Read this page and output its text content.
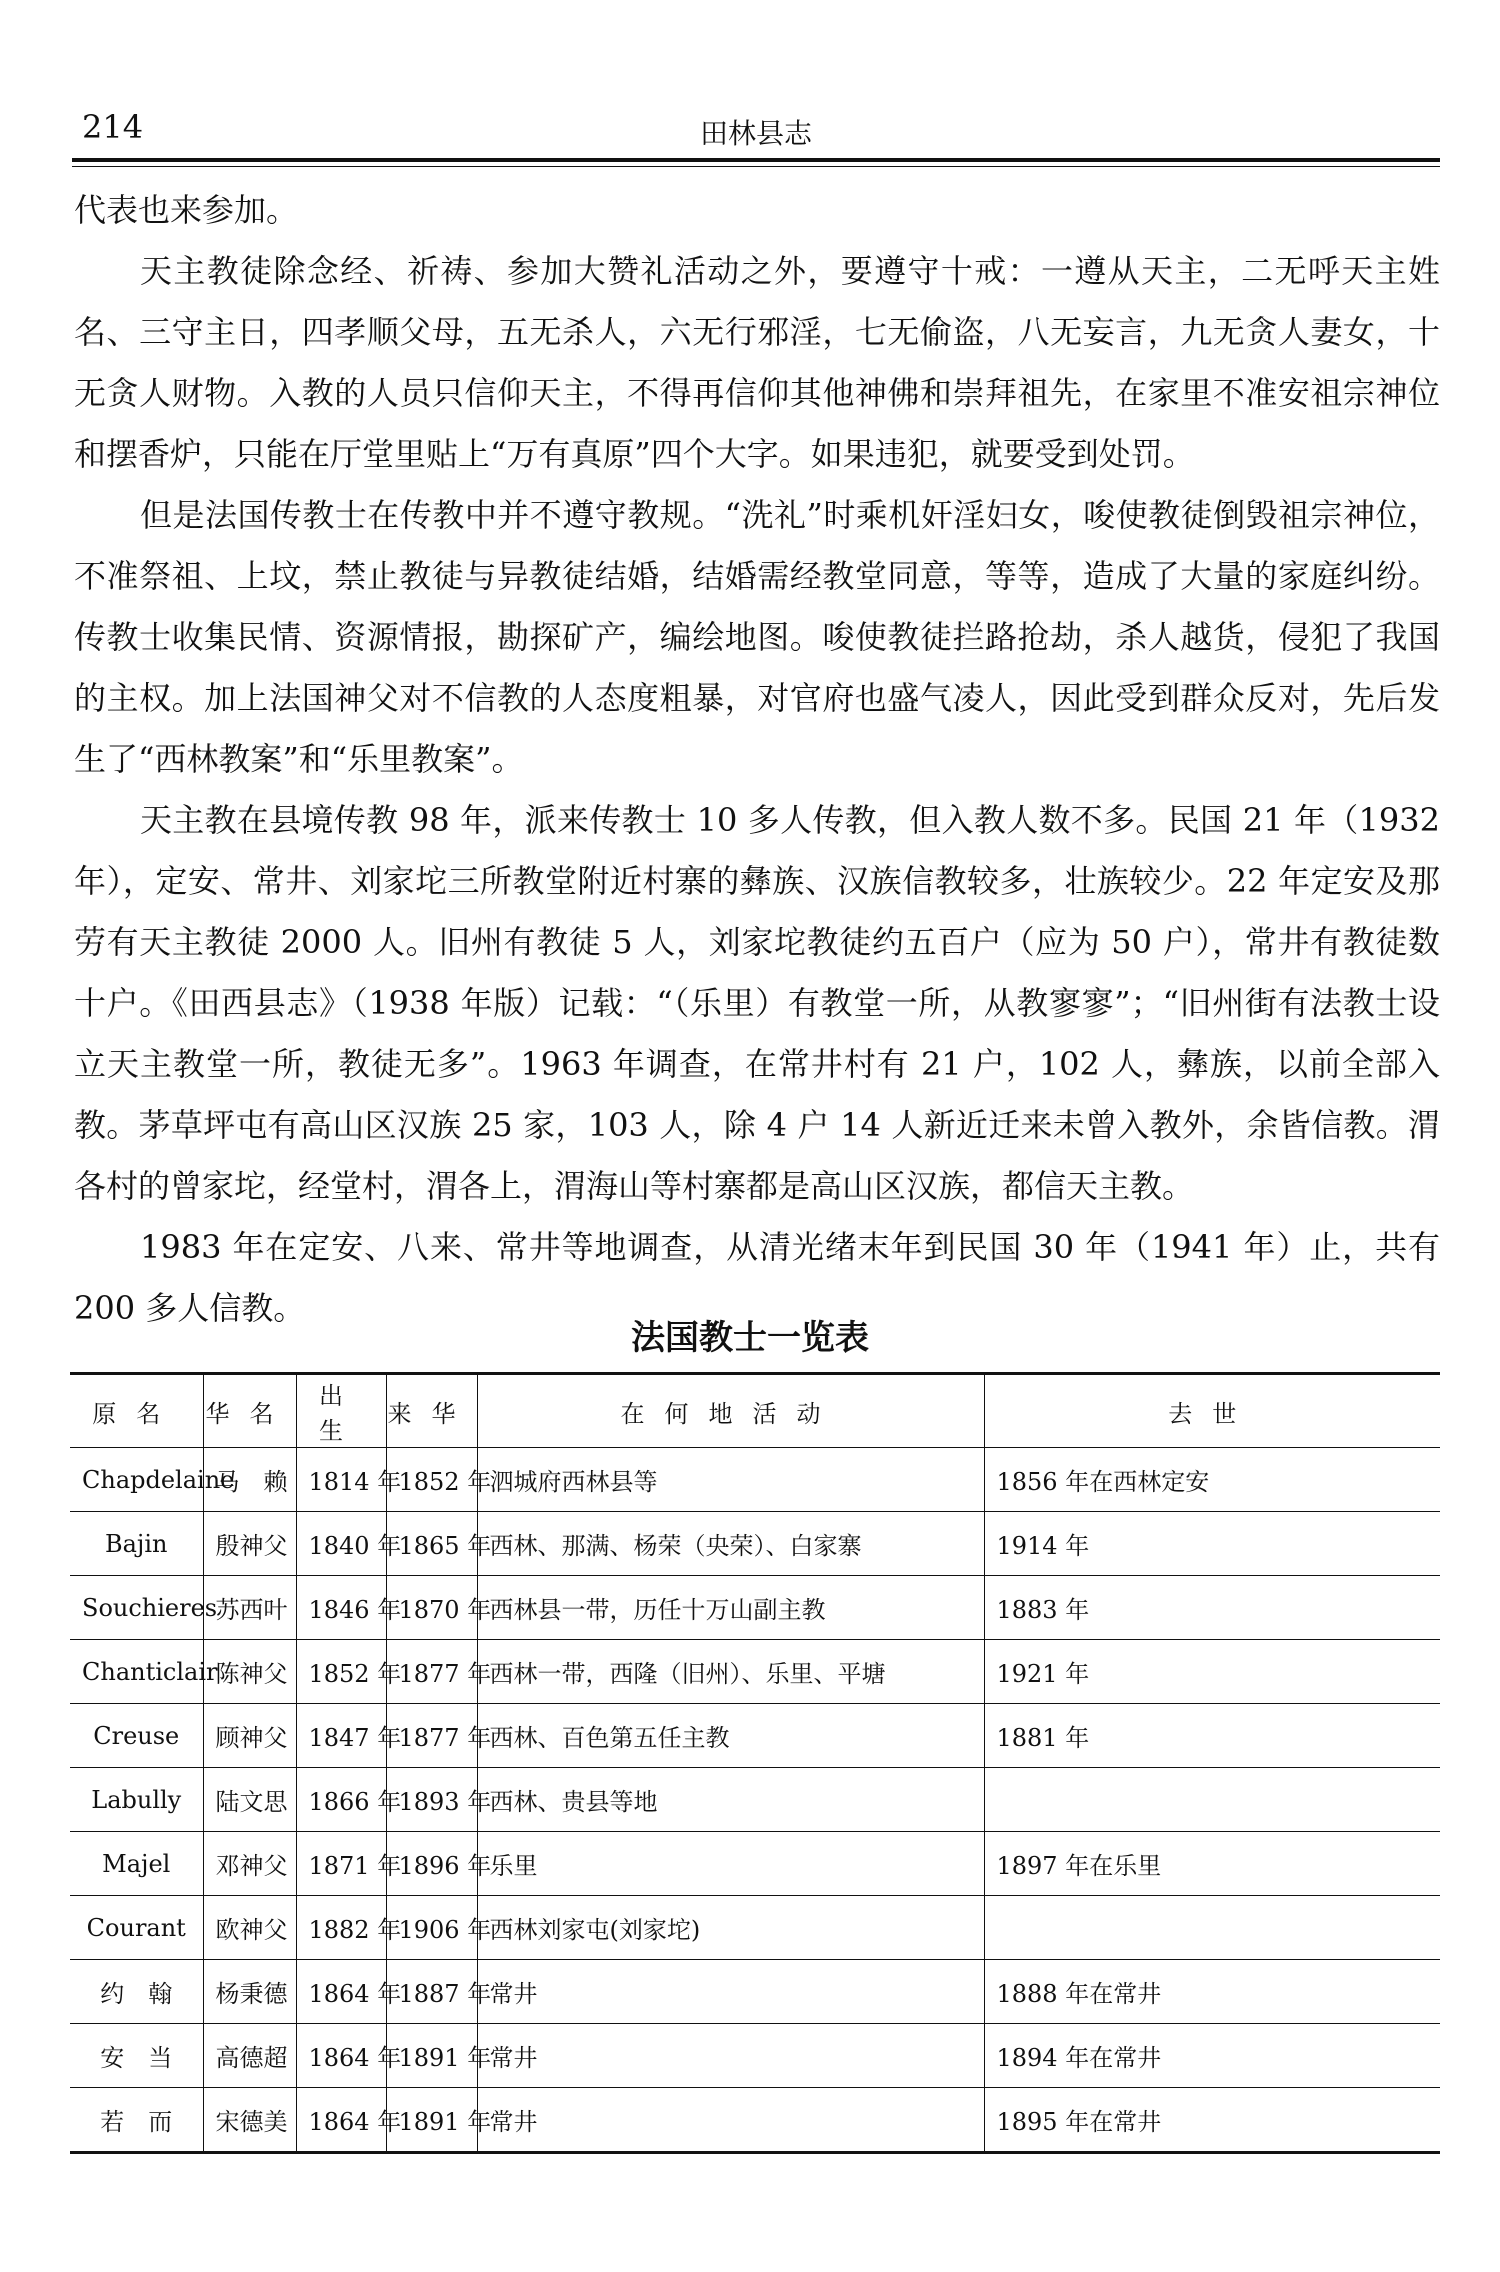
214	田林县志

代表也来参加。

天主教徒除念经、祈祷、参加大赞礼活动之外，要遵守十戒：一遵从天主，二无呼天主姓名、三守主日，四孝顺父母，五无杀人，六无行邪淫，七无偷盗，八无妄言，九无贪人妻女，十无贪人财物。入教的人员只信仰天主，不得再信仰其他神佛和崇拜祖先，在家里不准安祖宗神位和摆香炉，只能在厅堂里贴上“万有真原”四个大字。如果违犯，就要受到处罚。

但是法国传教士在传教中并不遵守教规。“洗礼”时乘机奸淫妇女，唆使教徒倒毁祖宗神位，不准祭祖、上坟，禁止教徒与异教徒结婚，结婚需经教堂同意，等等，造成了大量的家庭纠纷。传教士收集民情、资源情报，勘探矿产，编绘地图。唆使教徒拦路抢劫，杀人越货，侵犯了我国的主权。加上法国神父对不信教的人态度粗暴，对官府也盛气凌人，因此受到群众反对，先后发生了“西林教案”和“乐里教案”。

天主教在县境传教 98 年，派来传教士 10 多人传教，但入教人数不多。民国 21 年（1932 年），定安、常井、刘家坨三所教堂附近村寨的彝族、汉族信教较多，壮族较少。22 年定安及那劳有天主教徒 2000 人。旧州有教徒 5 人，刘家坨教徒约五百户（应为 50 户），常井有教徒数十户。《田西县志》（1938 年版）记载：“（乐里）有教堂一所，从教寥寥”；“旧州街有法教士设立天主教堂一所，教徒无多”。1963 年调查，在常井村有 21 户，102 人，彝族，以前全部入教。茅草坪屯有高山区汉族 25 家，103 人，除 4 户 14 人新近迁来未曾入教外，余皆信教。渭各村的曾家坨，经堂村，渭各上，渭海山等村寨都是高山区汉族，都信天主教。

1983 年在定安、八来、常井等地调查，从清光绪末年到民国 30 年（1941 年）止，共有 200 多人信教。

法国教士一览表
原名	华名	出生	来华	在何地活动	去世
Chapdelaine	马　赖	1814 年	1852 年	泗城府西林县等	1856 年在西林定安
Bajin	殷神父	1840 年	1865 年	西林、那满、杨荣（央荣）、白家寨	1914 年
Souchieres	苏西叶	1846 年	1870 年	西林县一带，历任十万山副主教	1883 年
Chanticlair	陈神父	1852 年	1877 年	西林一带，西隆（旧州）、乐里、平塘	1921 年
Creuse	顾神父	1847 年	1877 年	西林、百色第五任主教	1881 年
Labully	陆文思	1866 年	1893 年	西林、贵县等地	
Majel	邓神父	1871 年	1896 年	乐里	1897 年在乐里
Courant	欧神父	1882 年	1906 年	西林刘家屯(刘家坨)	
约　翰	杨秉德	1864 年	1887 年	常井	1888 年在常井
安　当	高德超	1864 年	1891 年	常井	1894 年在常井
若　而	宋德美	1864 年	1891 年	常井	1895 年在常井
